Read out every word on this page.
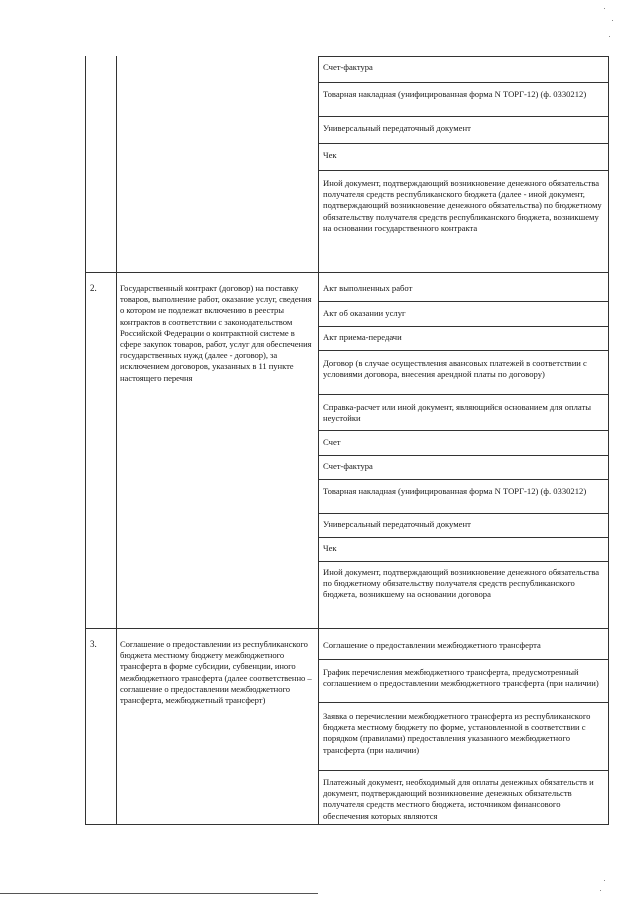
Счет-фактура
Товарная накладная (унифицированная форма N ТОРГ-12) (ф. 0330212)
Универсальный передаточный документ
Чек
Иной документ, подтверждающий возникновение денежного обязательства получателя средств республиканского бюджета (далее - иной документ, подтверждающий возникновение денежного обязательства) по бюджетному обязательству получателя средств республиканского бюджета, возникшему на основании государственного контракта
2.	Государственный контракт (договор) на поставку товаров, выполнение работ, оказание услуг, сведения о котором не подлежат включению в реестры контрактов в соответствии с законодательством Российской Федерации о контрактной системе в сфере закупок товаров, работ, услуг для обеспечения государственных нужд (далее - договор), за исключением договоров, указанных в 11 пункте настоящего перечня
Акт выполненных работ
Акт об оказании услуг
Акт приема-передачи
Договор (в случае осуществления авансовых платежей в соответствии с условиями договора, внесения арендной платы по договору)
Справка-расчет или иной документ, являющийся основанием для оплаты неустойки
Счет
Счет-фактура
Товарная накладная (унифицированная форма N ТОРГ-12) (ф. 0330212)
Универсальный передаточный документ
Чек
Иной документ, подтверждающий возникновение денежного обязательства по бюджетному обязательству получателя средств республиканского бюджета, возникшему на основании договора
3.	Соглашение о предоставлении из республиканского бюджета местному бюджету межбюджетного трансферта в форме субсидии, субвенции, иного межбюджетного трансферта (далее соответственно – соглашение о предоставлении межбюджетного трансферта, межбюджетный трансферт)
Соглашение о предоставлении межбюджетного трансферта
График перечисления межбюджетного трансферта, предусмотренный соглашением о предоставлении межбюджетного трансферта (при наличии)
Заявка о перечислении межбюджетного трансферта из республиканского бюджета местному бюджету по форме, установленной в соответствии с порядком (правилами) предоставления указанного межбюджетного трансферта (при наличии)
Платежный документ, необходимый для оплаты денежных обязательств и документ, подтверждающий возникновение денежных обязательств получателя средств местного бюджета, источником финансового обеспечения которых являются
